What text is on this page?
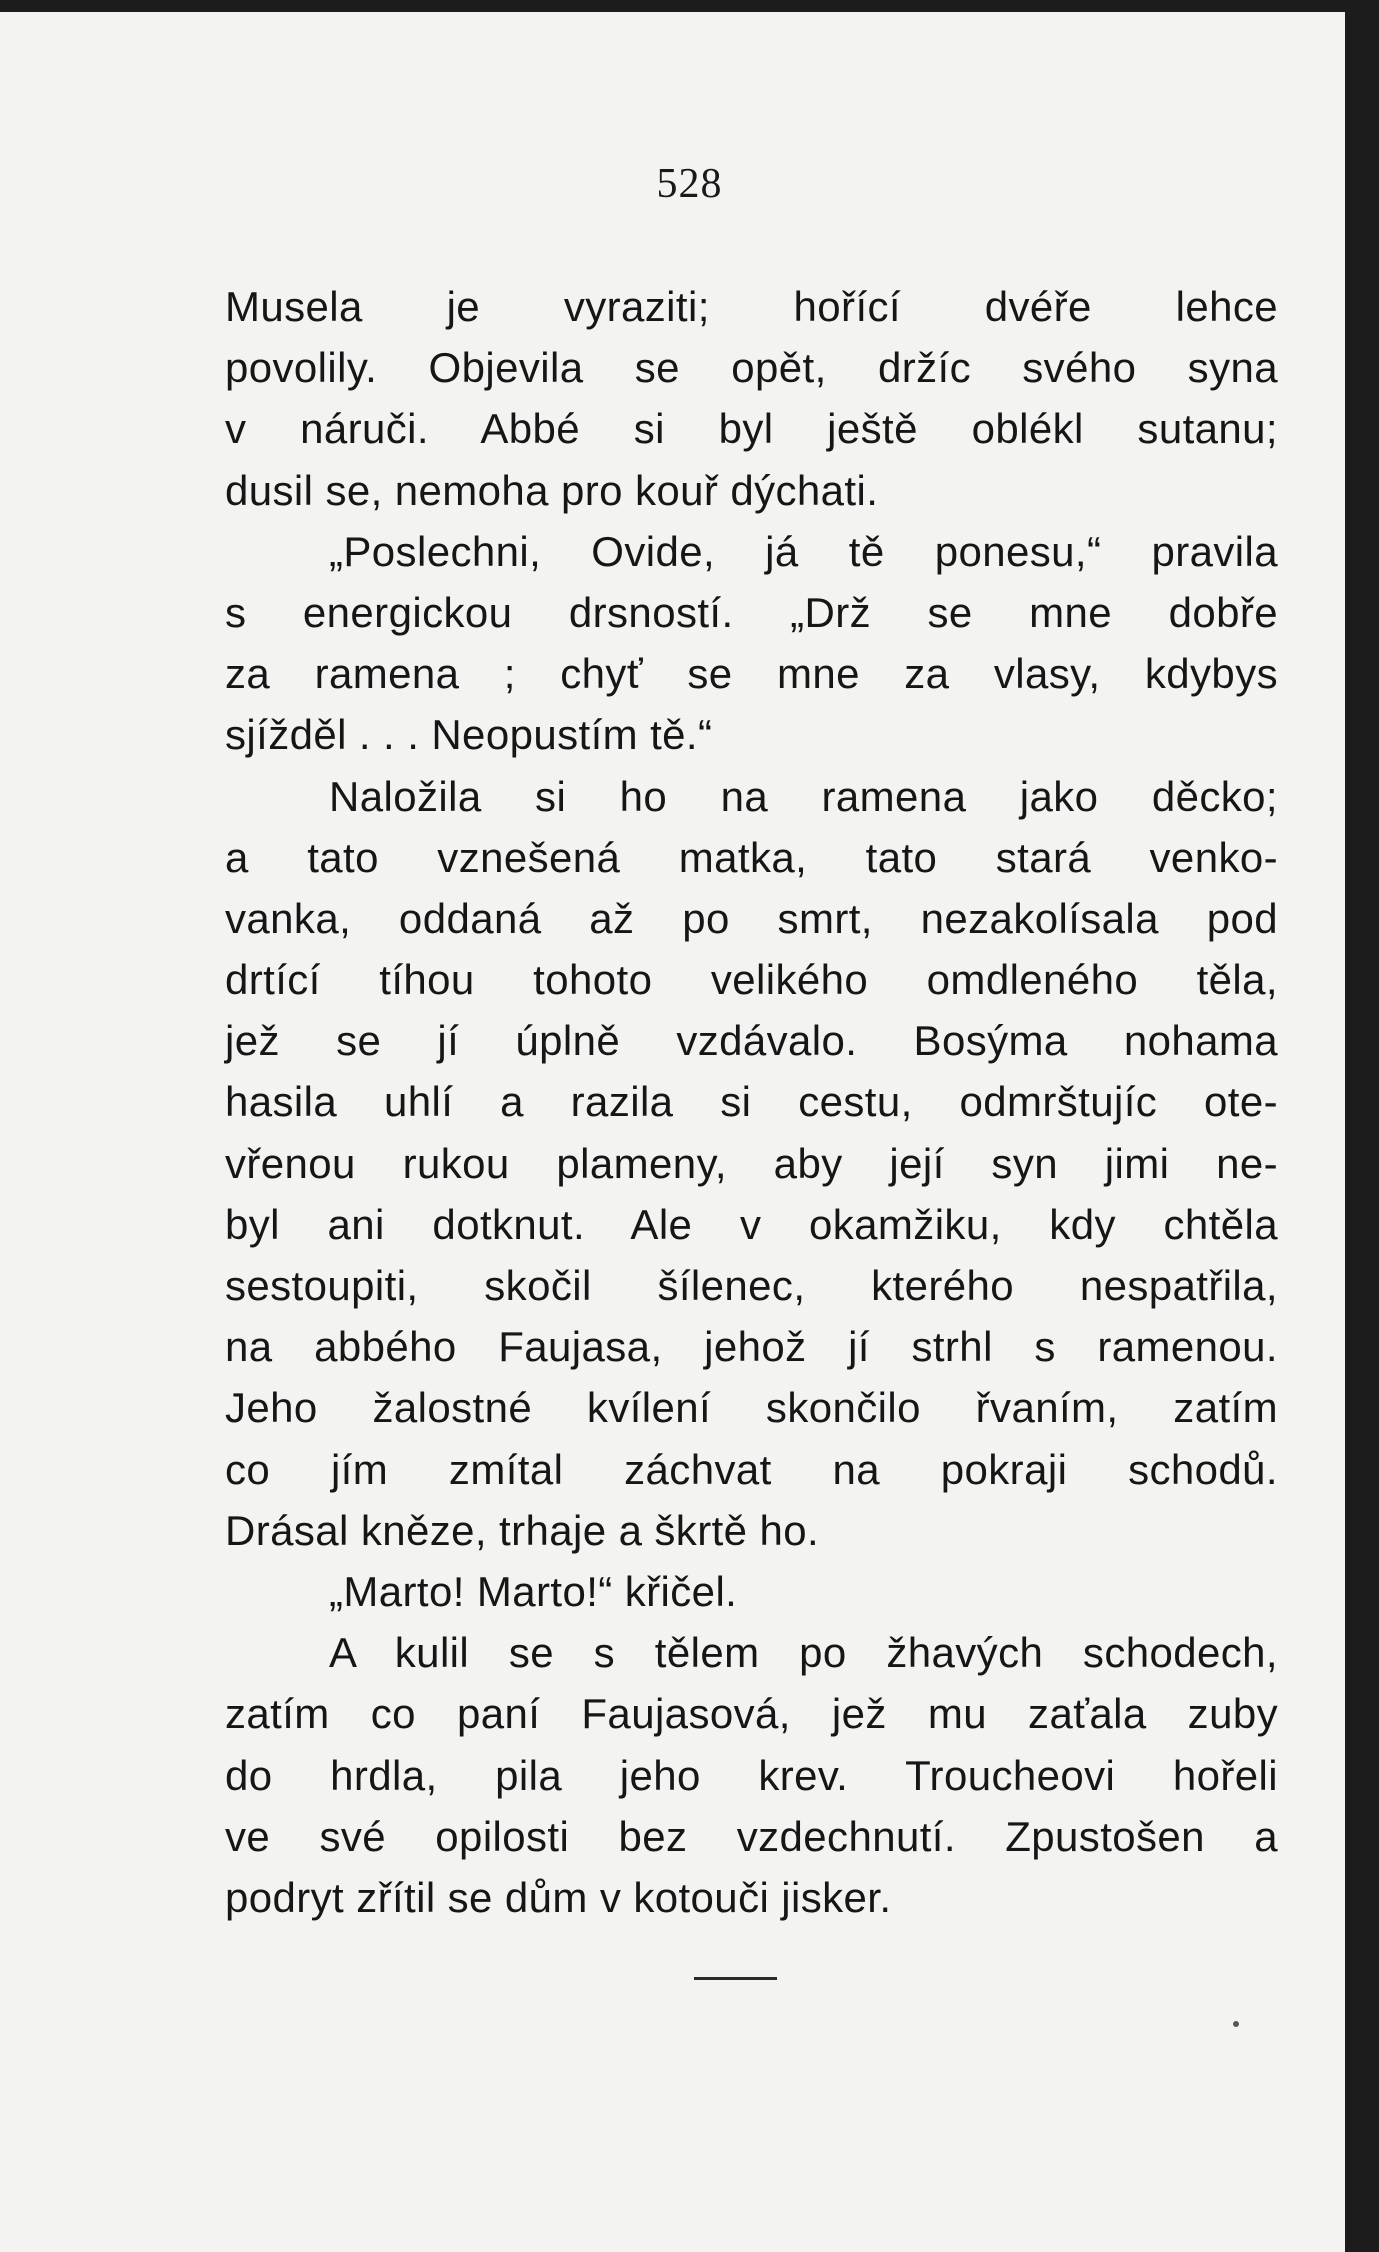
528
Musela je vyraziti; hořící dvéře lehce
povolily. Objevila se opět, držíc svého syna
v náruči. Abbé si byl ještě oblékl sutanu;
dusil se, nemoha pro kouř dýchati.
„Poslechni, Ovide, já tě ponesu,“ pravila
s energickou drsností. „Drž se mne dobře
za ramena ; chyť se mne za vlasy, kdybys
sjížděl . . . Neopustím tě.“
Naložila si ho na ramena jako děcko;
a tato vznešená matka, tato stará venko-
vanka, oddaná až po smrt, nezakolísala pod
drtící tíhou tohoto velikého omdleného těla,
jež se jí úplně vzdávalo. Bosýma nohama
hasila uhlí a razila si cestu, odmrštujíc ote-
vřenou rukou plameny, aby její syn jimi ne-
byl ani dotknut. Ale v okamžiku, kdy chtěla
sestoupiti, skočil šílenec, kterého nespatřila,
na abbého Faujasa, jehož jí strhl s ramenou.
Jeho žalostné kvílení skončilo řvaním, zatím
co jím zmítal záchvat na pokraji schodů.
Drásal kněze, trhaje a škrtě ho.
„Marto! Marto!“ křičel.
A kulil se s tělem po žhavých schodech,
zatím co paní Faujasová, jež mu zaťala zuby
do hrdla, pila jeho krev. Troucheovi hořeli
ve své opilosti bez vzdechnutí. Zpustošen a
podryt zřítil se dům v kotouči jisker.
